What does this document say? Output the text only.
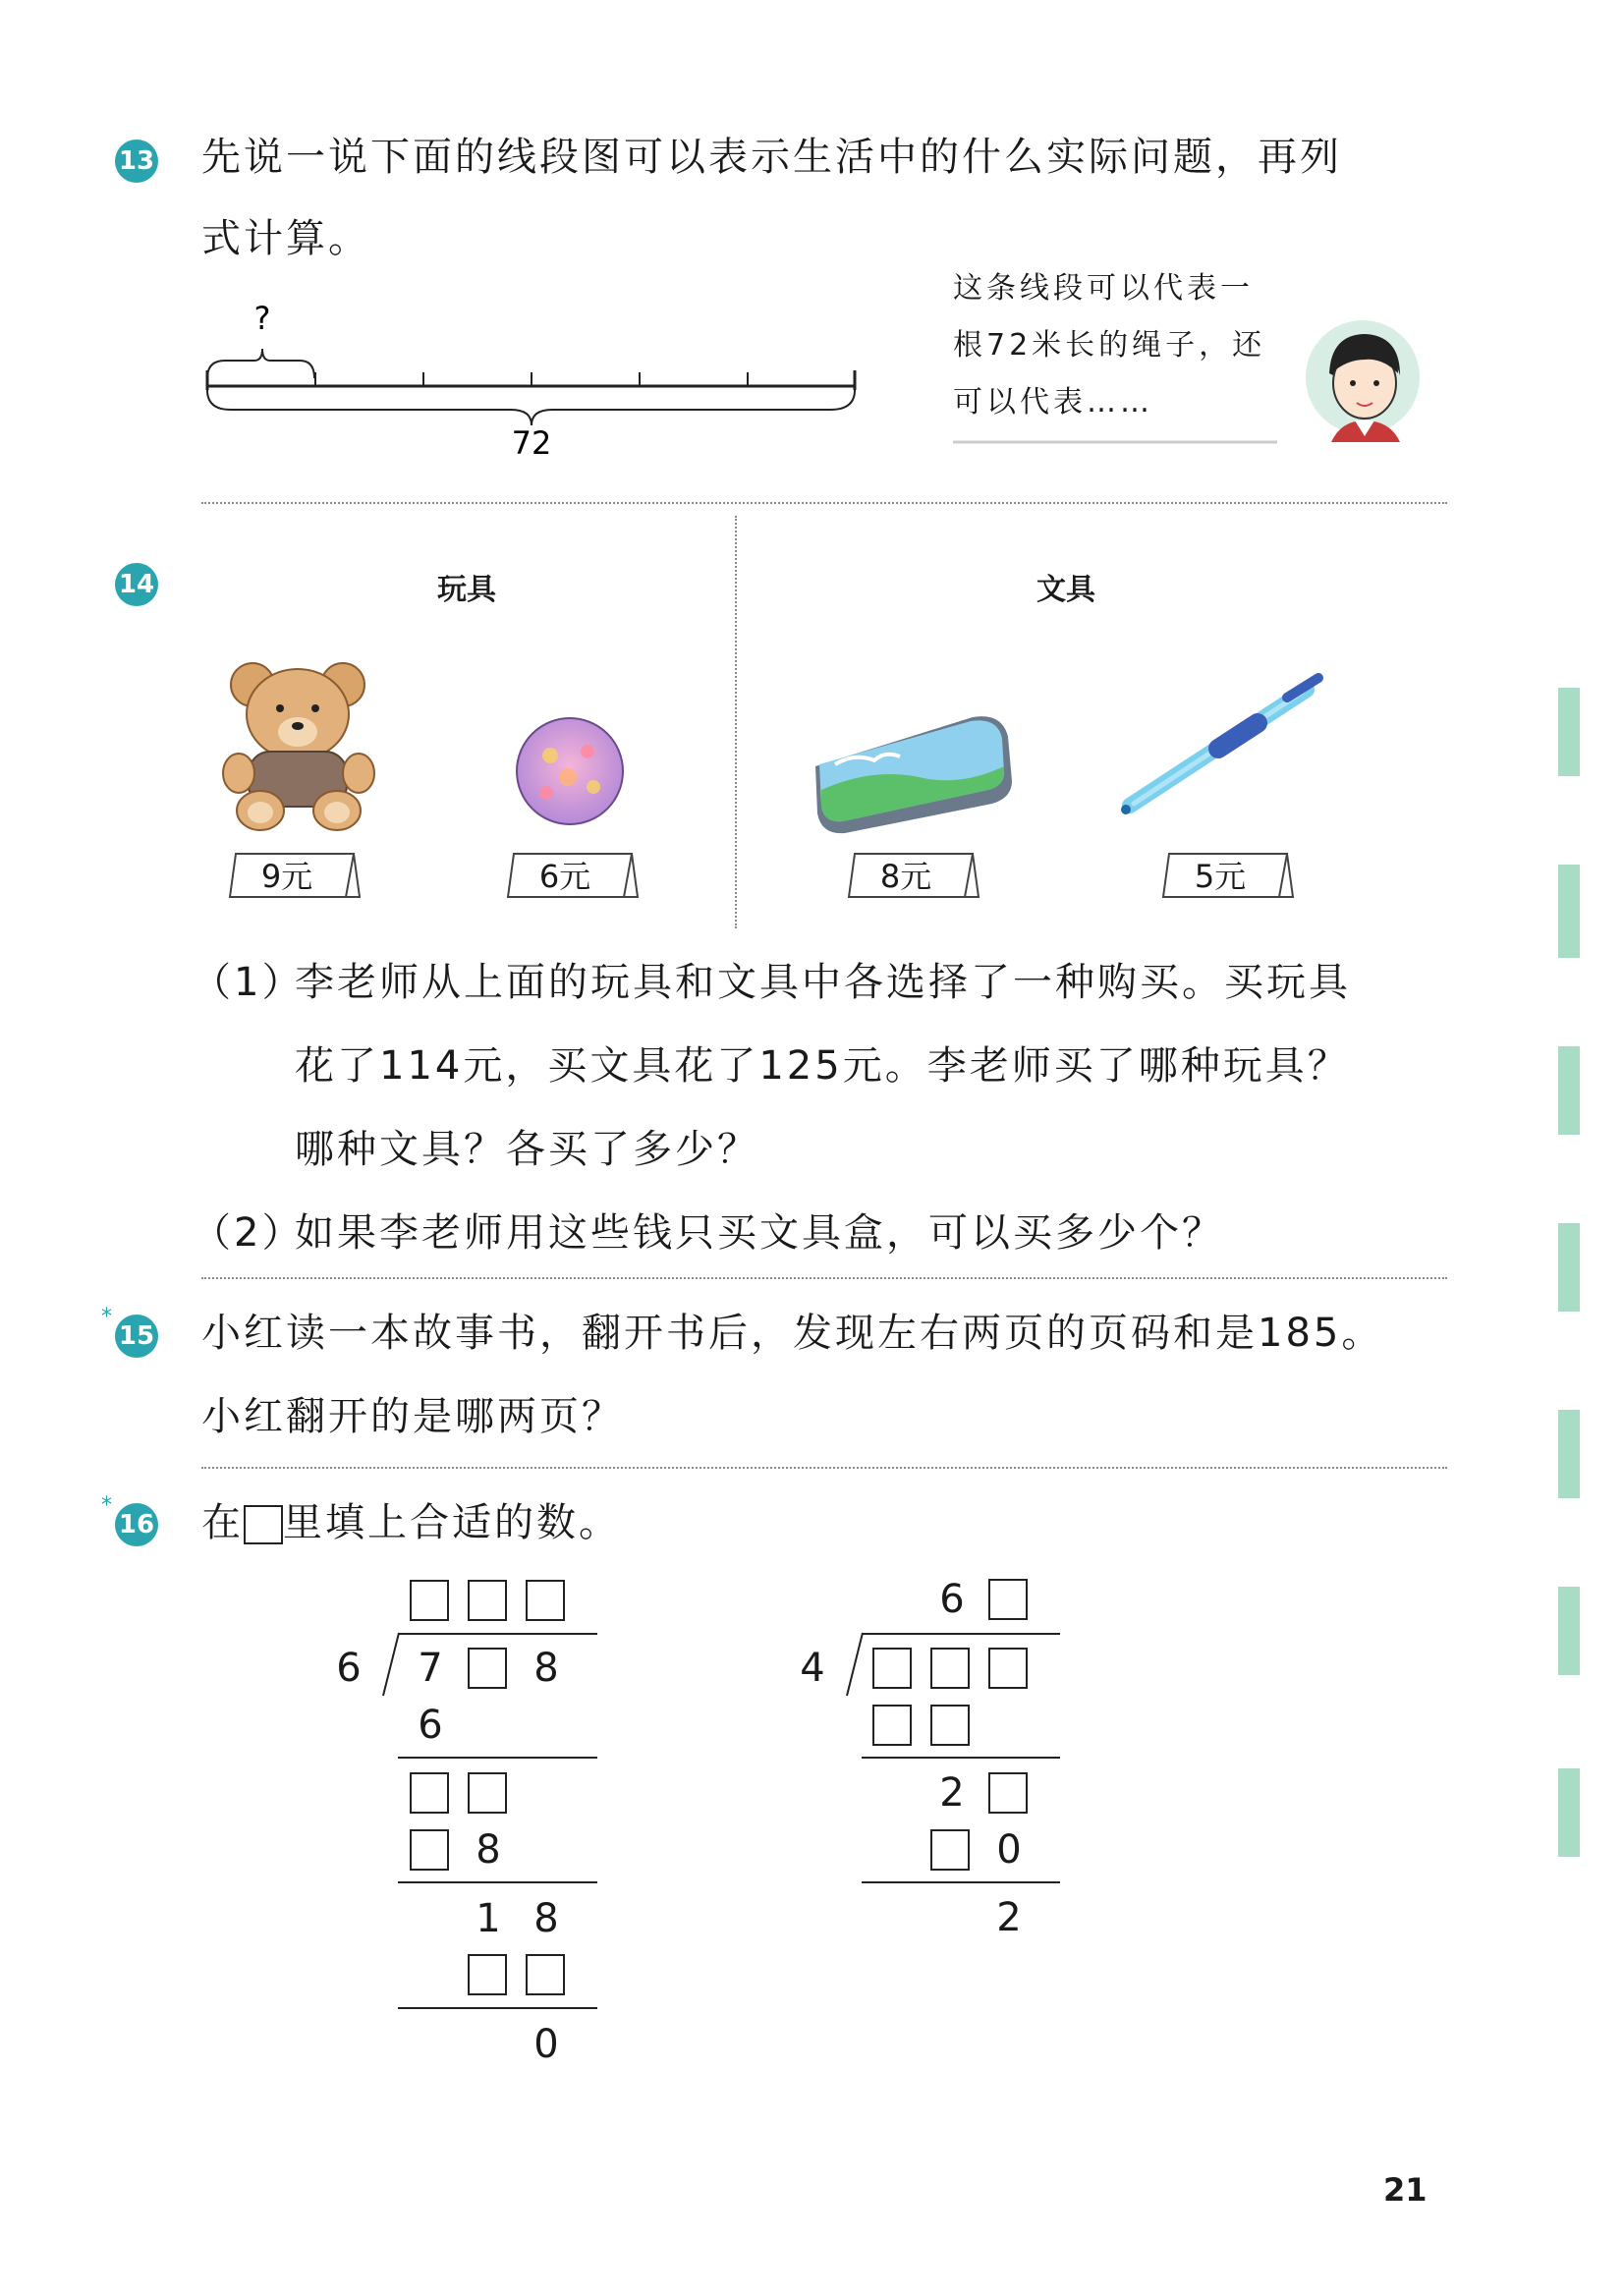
13 先说一说下面的线段图可以表示生活中的什么实际问题，再列
式计算。
?
72
这条线段可以代表一
根72米长的绳子，还
可以代表……
14	玩具	文具
9元	6元	8元	5元
（1）
李老师从上面的玩具和文具中各选择了一种购买。买玩具
花了114元，买文具花了125元。李老师买了哪种玩具？
哪种文具？各买了多少？
（2）
如果李老师用这些钱只买文具盒，可以买多少个？
*
15 小红读一本故事书，翻开书后，发现左右两页的页码和是185。
小红翻开的是哪两页？
*
16 在 里填上合适的数。
6 7 8
6
8
1 8
0
6
4
2
0
2
21
